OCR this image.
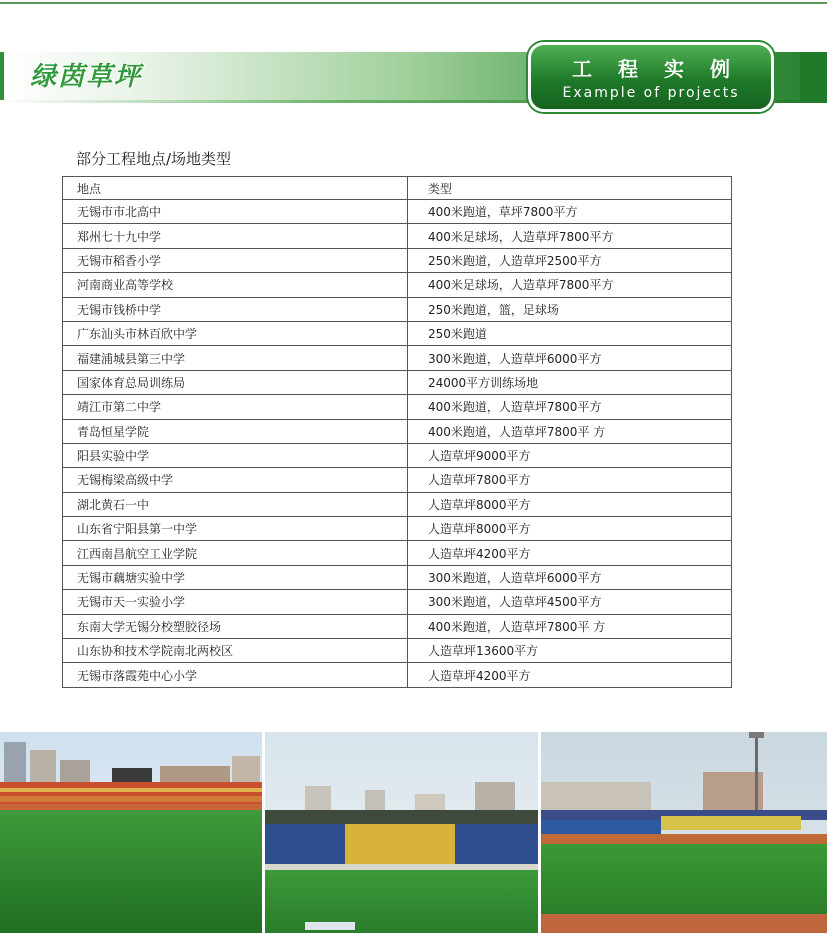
绿茵草坪	工程实例
Example of projects
部分工程地点/场地类型
地点	类型
无锡市市北高中	400米跑道，草坪7800平方
郑州七十九中学	400米足球场，人造草坪7800平方
无锡市稻香小学	250米跑道，人造草坪2500平方
河南商业高等学校	400米足球场，人造草坪7800平方
无锡市钱桥中学	250米跑道，篮，足球场
广东汕头市林百欣中学	250米跑道
福建浦城县第三中学	300米跑道，人造草坪6000平方
国家体育总局训练局	24000平方训练场地
靖江市第二中学	400米跑道，人造草坪7800平方
青岛恒星学院	400米跑道，人造草坪7800平 方
阳县实验中学	人造草坪9000平方
无锡梅梁高级中学	人造草坪7800平方
湖北黄石一中	人造草坪8000平方
山东省宁阳县第一中学	人造草坪8000平方
江西南昌航空工业学院	人造草坪4200平方
无锡市藕塘实验中学	300米跑道，人造草坪6000平方
无锡市天一实验小学	300米跑道，人造草坪4500平方
东南大学无锡分校塑胶径场	400米跑道，人造草坪7800平 方
山东协和技术学院南北两校区	人造草坪13600平方
无锡市落霞苑中心小学	人造草坪4200平方
